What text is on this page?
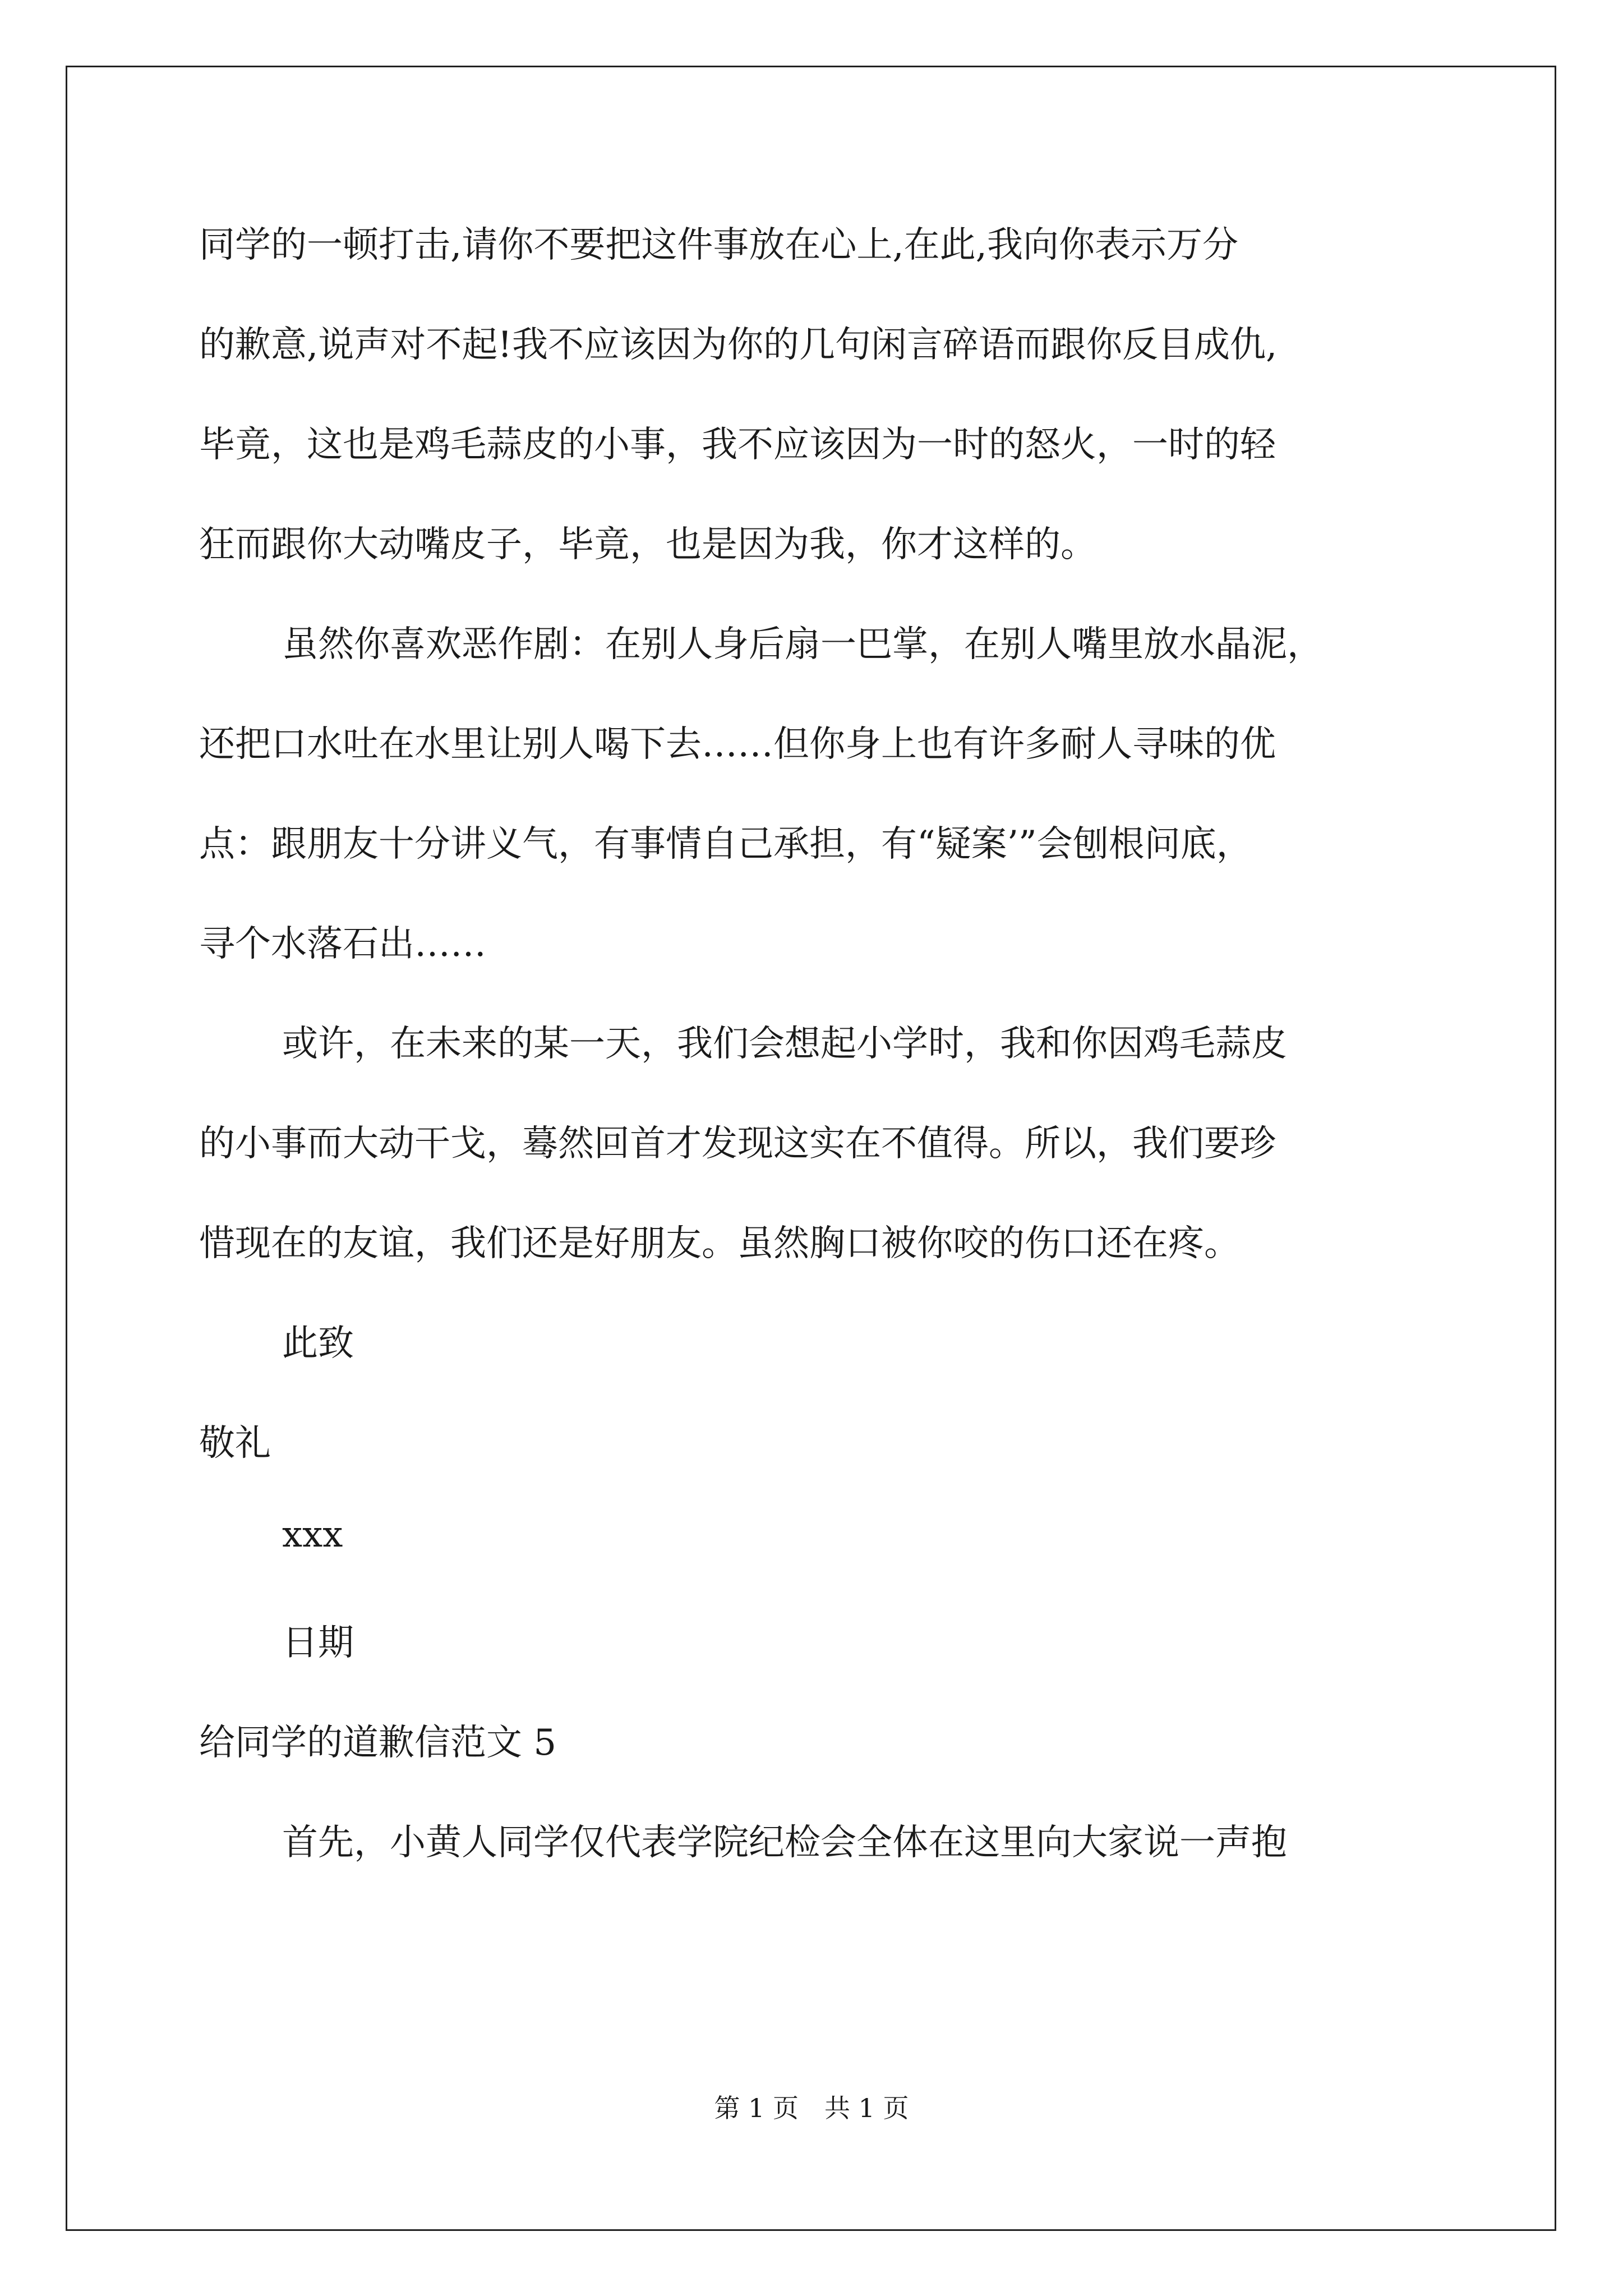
同学的一顿打击,请你不要把这件事放在心上,在此,我向你表示万分
的歉意,说声对不起!我不应该因为你的几句闲言碎语而跟你反目成仇,
毕竟，这也是鸡毛蒜皮的小事，我不应该因为一时的怒火，一时的轻
狂而跟你大动嘴皮子，毕竟，也是因为我，你才这样的。
虽然你喜欢恶作剧：在别人身后扇一巴掌，在别人嘴里放水晶泥，
还把口水吐在水里让别人喝下去……但你身上也有许多耐人寻味的优
点：跟朋友十分讲义气，有事情自己承担，有“疑案’”会刨根问底，
寻个水落石出……
或许，在未来的某一天，我们会想起小学时，我和你因鸡毛蒜皮
的小事而大动干戈，蓦然回首才发现这实在不值得。所以，我们要珍
惜现在的友谊，我们还是好朋友。虽然胸口被你咬的伤口还在疼。
此致
敬礼
xxx
日期
给同学的道歉信范文 5
首先，小黄人同学仅代表学院纪检会全体在这里向大家说一声抱
第 1 页　共 1 页
